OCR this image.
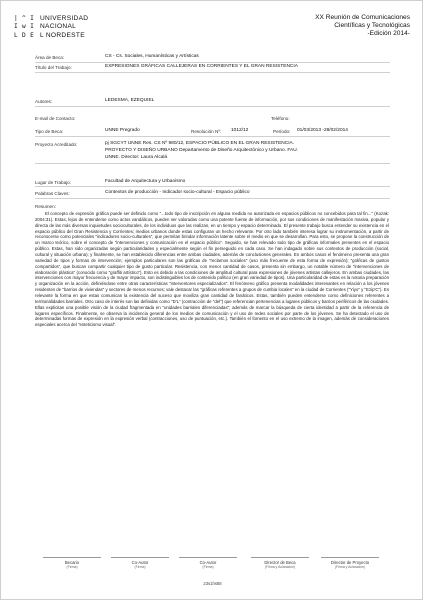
| ^ I UNIVERSIDAD
I w I NACIONAL
L D E L NORDESTE
XX Reunión de Comunicaciones
Científicas y Tecnológicas
-Edición 2014-
Área de Beca:	CS - Cs. Sociales, Humanísticas y Artísticas
Título del Trabajo:	EXPRESIONES GRÁFICAS CALLEJERAS EN CORRIENTES Y EL GRAN RESISTENCIA
Autores:	LEDESMA, EZEQUIEL
E-mail de Contacto:	Teléfono:
Tipo de Beca:	UNNE Pregrado	Resolución Nº: 1012/12	Período: 01/03/2013 -28/02/2014
Proyecto Acreditado:	pj SGCYT UNNE Res. CS Nº 980/12, ESPACIO PÚBLICO EN EL GRAN RESISTENCIA.
PROYECTO Y DISEÑO URBANO Departamento de Diseño Arquitectónico y Urbano. FAU.
UNNE. Director: Laura Alcalá
Lugar de Trabajo:	Facultad de Arquitectura y Urbanismo
Palabras Claves:	Contextos de producción - Indicador socio-cultural - Espacio público
Resumen:

El concepto de expresión gráfica puede ser definido como "...todo tipo de inscripción en alguna medida no autorizada en espacios públicos no concebidos para tal fin..." (Kozak: 2004:31). Estas, lejos de entenderse como actos vandálicos, pueden ser valoradas como una potente fuente de información, por sus condiciones de manifestación masiva, popular y directa de las más diversas inquietudes socioculturales, de los individuos que las realizan, en un tiempo y espacio determinado. El presente trabajo busca entender su existencia en el espacio público del Gran Resistencia y Corrientes; medios urbanos donde estas configuran un hecho relevante. Por otro lado también interesa lograr su instrumentación, a partir de reconocerse como potenciales "indicadores socio-culturales", que permitan brindar información latente sobre el medio en que se desarrollan. Para esto, se propone la construcción de un marco teórico, sobre el concepto de "intervenciones y comunicación en el espacio público". Seguido, se han relevado todo tipo de gráficas informales presentes en el espacio público. Estas, han sido organizadas según particularidades y especialmente según el fin perseguido en cada caso. Se han indagado sobre sus contextos de producción (social, cultural y situación urbana); y finalmente, se han establecido diferencias entre ambas ciudades, además de conclusiones generales. En ambos casos el fenómeno presenta una gran variedad de tipos y formas de intervención; ejemplos particulares son las gráficas de "reclamos sociales" (uso más frecuente de esta forma de expresión); "gráficas de gustos compartidos", que buscan compartir cualquier tipo de gusto particular. Resistencia, con menor cantidad de casos, presenta sin embargo, un notable número de "intervenciones de elaboración plástica" (conocido como "graffiti artístico"). Esto es debido a las condiciones de amplitud cultural para expresiones de jóvenes artistas callejeros. En ambas ciudades, las intervenciones con mayor frecuencia y de mayor impacto, son indistinguibles los de contenido político (en gran variedad de tipos). Una particularidad de estas es la notoria preparación y organización en la acción, definiéndose entre otras características "interventores especializados". El fenómeno gráfico presenta modalidades interesantes en relación a los jóvenes residentes de "barrios de viviendas" y sectores de menos recursos; vale destacar las "gráficas referentes a grupos de cumbia locales" en la ciudad de Corrientes ("Yiyo" y "Ezip'C"). Es relevante la forma en que estas comunican la existencia del suceso que moviliza gran cantidad de fanáticos. Estas, también pueden entenderse como definiciones referentes a territorialidades barriales. Otro caso de interés son las definidas como "D'L" (contracción de "del") que referencian pertenencias a lugares públicos y barrios periféricos de las ciudades. Ellas explicitan una posible visión de la ciudad fragmentada en "unidades barriales diferenciadas"; además de marcar la búsqueda de cierta identidad a partir de la referencia de lugares específicos. Finalmente, se observa la incidencia general de los medios de comunicación y el uso de redes sociales por parte de los jóvenes. Se ha detectado el uso de determinadas formas de expresión en la expresión verbal (contracciones, uso de puntuación, etc.). También el fomento en el uso extremo de la imagen, además de consideraciones especiales acerca del "esteticismo visual".

Becario
(Firma)
Co-Autor
(Firma)
Co-Autor
(Firma)
Director de Beca
(Firma y Aclaración)
Director de Proyecto
(Firma y Aclaración)
23s1hs88
